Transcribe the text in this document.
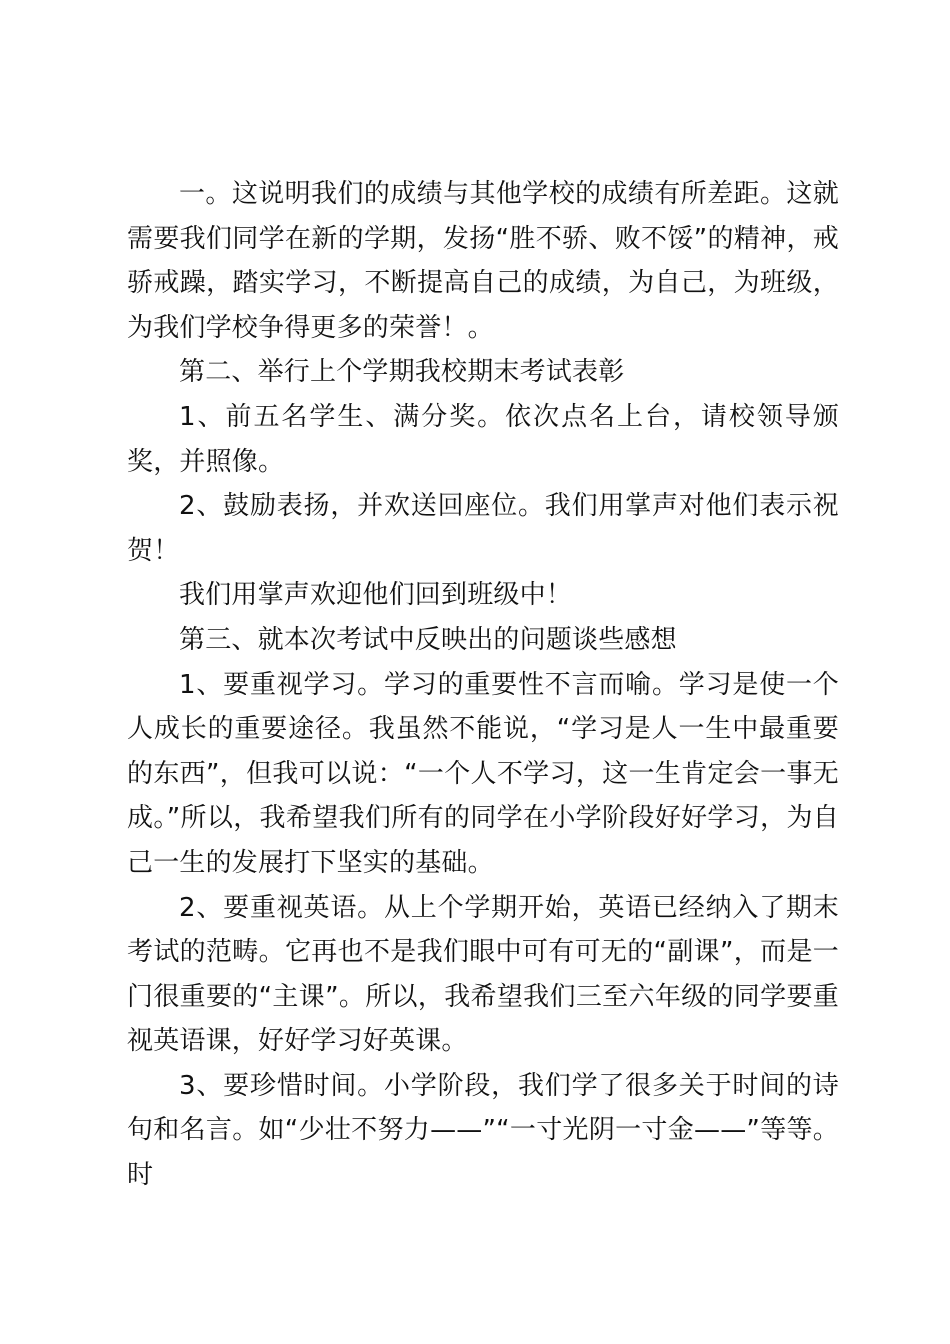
一。这说明我们的成绩与其他学校的成绩有所差距。这就需要我们同学在新的学期，发扬“胜不骄、败不馁”的精神，戒骄戒躁，踏实学习，不断提高自己的成绩，为自己，为班级，为我们学校争得更多的荣誉！。

第二、举行上个学期我校期末考试表彰

1、前五名学生、满分奖。依次点名上台，请校领导颁奖，并照像。

2、鼓励表扬，并欢送回座位。我们用掌声对他们表示祝贺！

我们用掌声欢迎他们回到班级中！

第三、就本次考试中反映出的问题谈些感想

1、要重视学习。学习的重要性不言而喻。学习是使一个人成长的重要途径。我虽然不能说，“学习是人一生中最重要的东西”，但我可以说：“一个人不学习，这一生肯定会一事无成。”所以，我希望我们所有的同学在小学阶段好好学习，为自己一生的发展打下坚实的基础。

2、要重视英语。从上个学期开始，英语已经纳入了期末考试的范畴。它再也不是我们眼中可有可无的“副课”，而是一门很重要的“主课”。所以，我希望我们三至六年级的同学要重视英语课，好好学习好英课。

3、要珍惜时间。小学阶段，我们学了很多关于时间的诗句和名言。如“少壮不努力——”“一寸光阴一寸金——”等等。时
